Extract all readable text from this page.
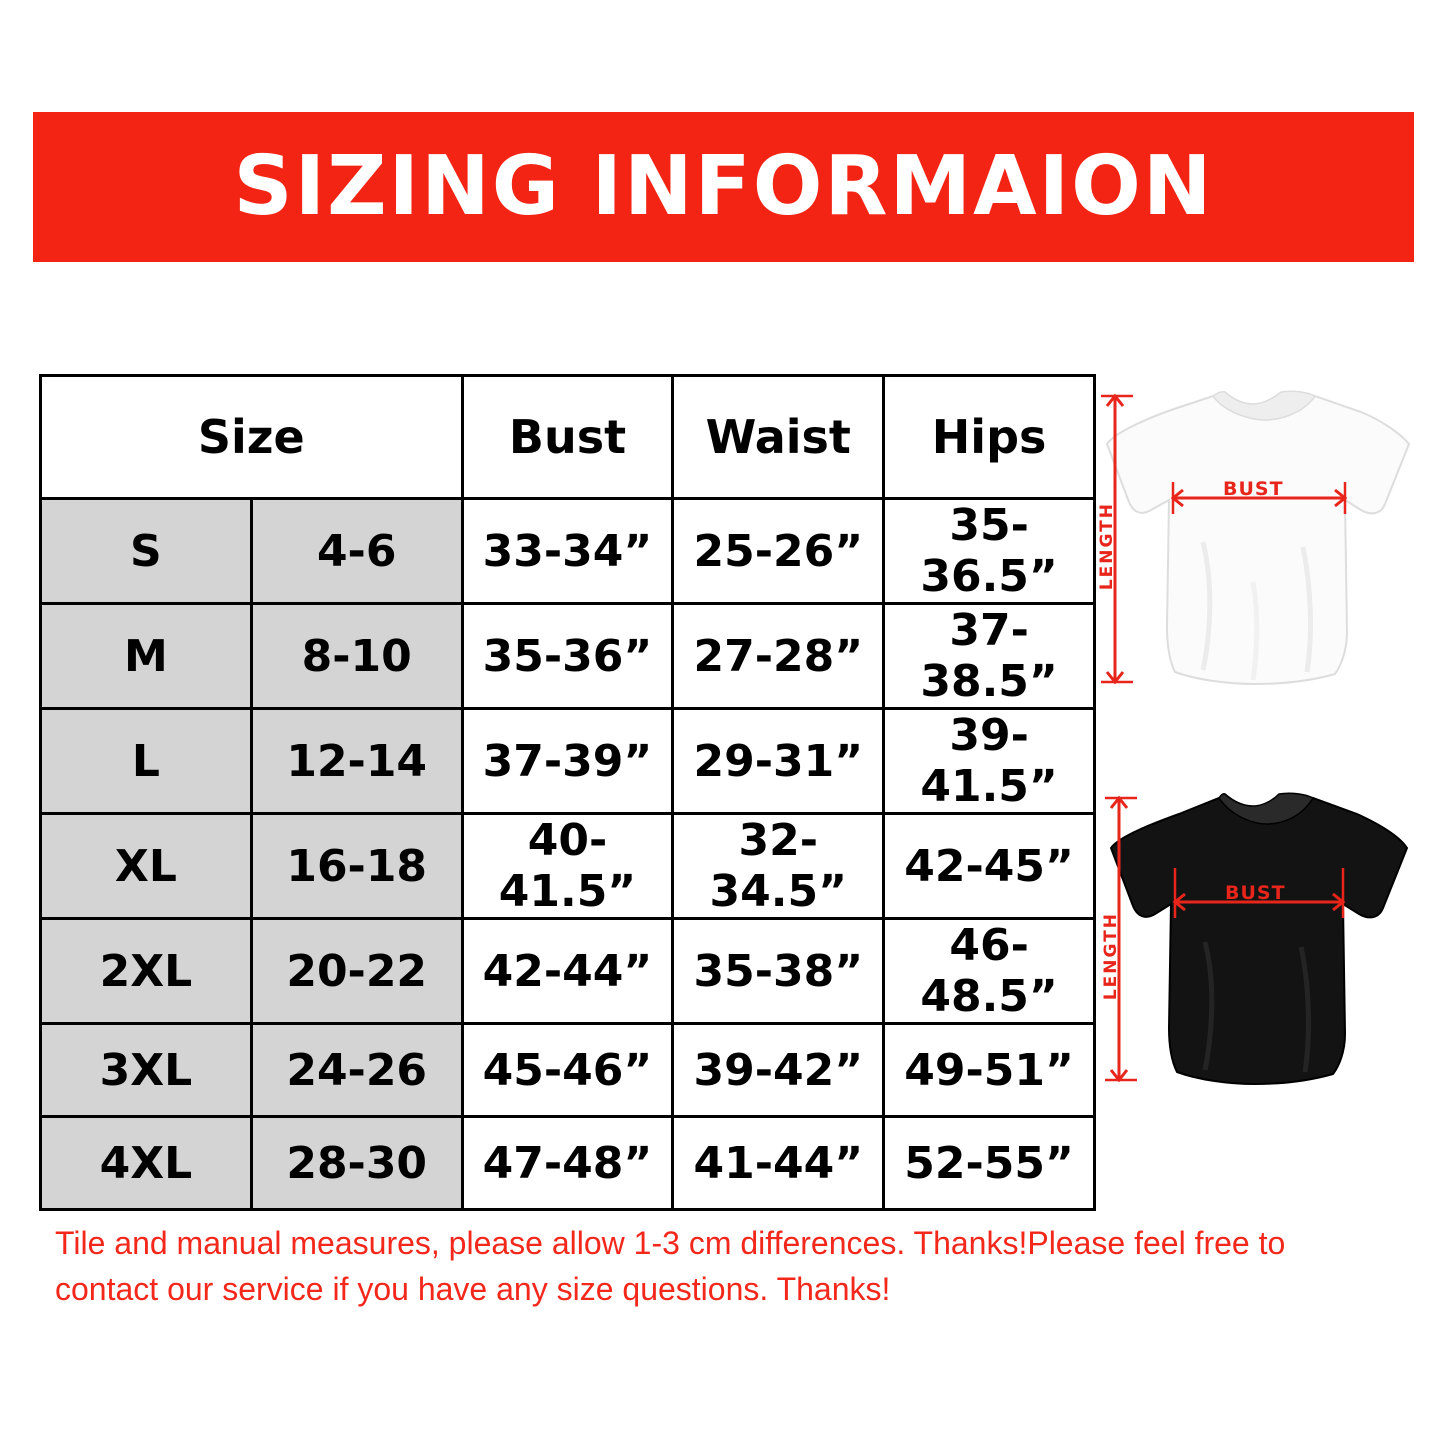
SIZING INFORMAION
Size		Bust	Waist	Hips
S	4-6	33-34”	25-26”	35-36.5”
M	8-10	35-36”	27-28”	37-38.5”
L	12-14	37-39”	29-31”	39-41.5”
XL	16-18	40-41.5”	32-34.5”	42-45”
2XL	20-22	42-44”	35-38”	46-48.5”
3XL	24-26	45-46”	39-42”	49-51”
4XL	28-30	47-48”	41-44”	52-55”
BUST
LENGTH
BUST
LENGTH
Tile and manual measures, please allow 1-3 cm differences. Thanks!Please feel free to contact our service if you have any size questions. Thanks!
